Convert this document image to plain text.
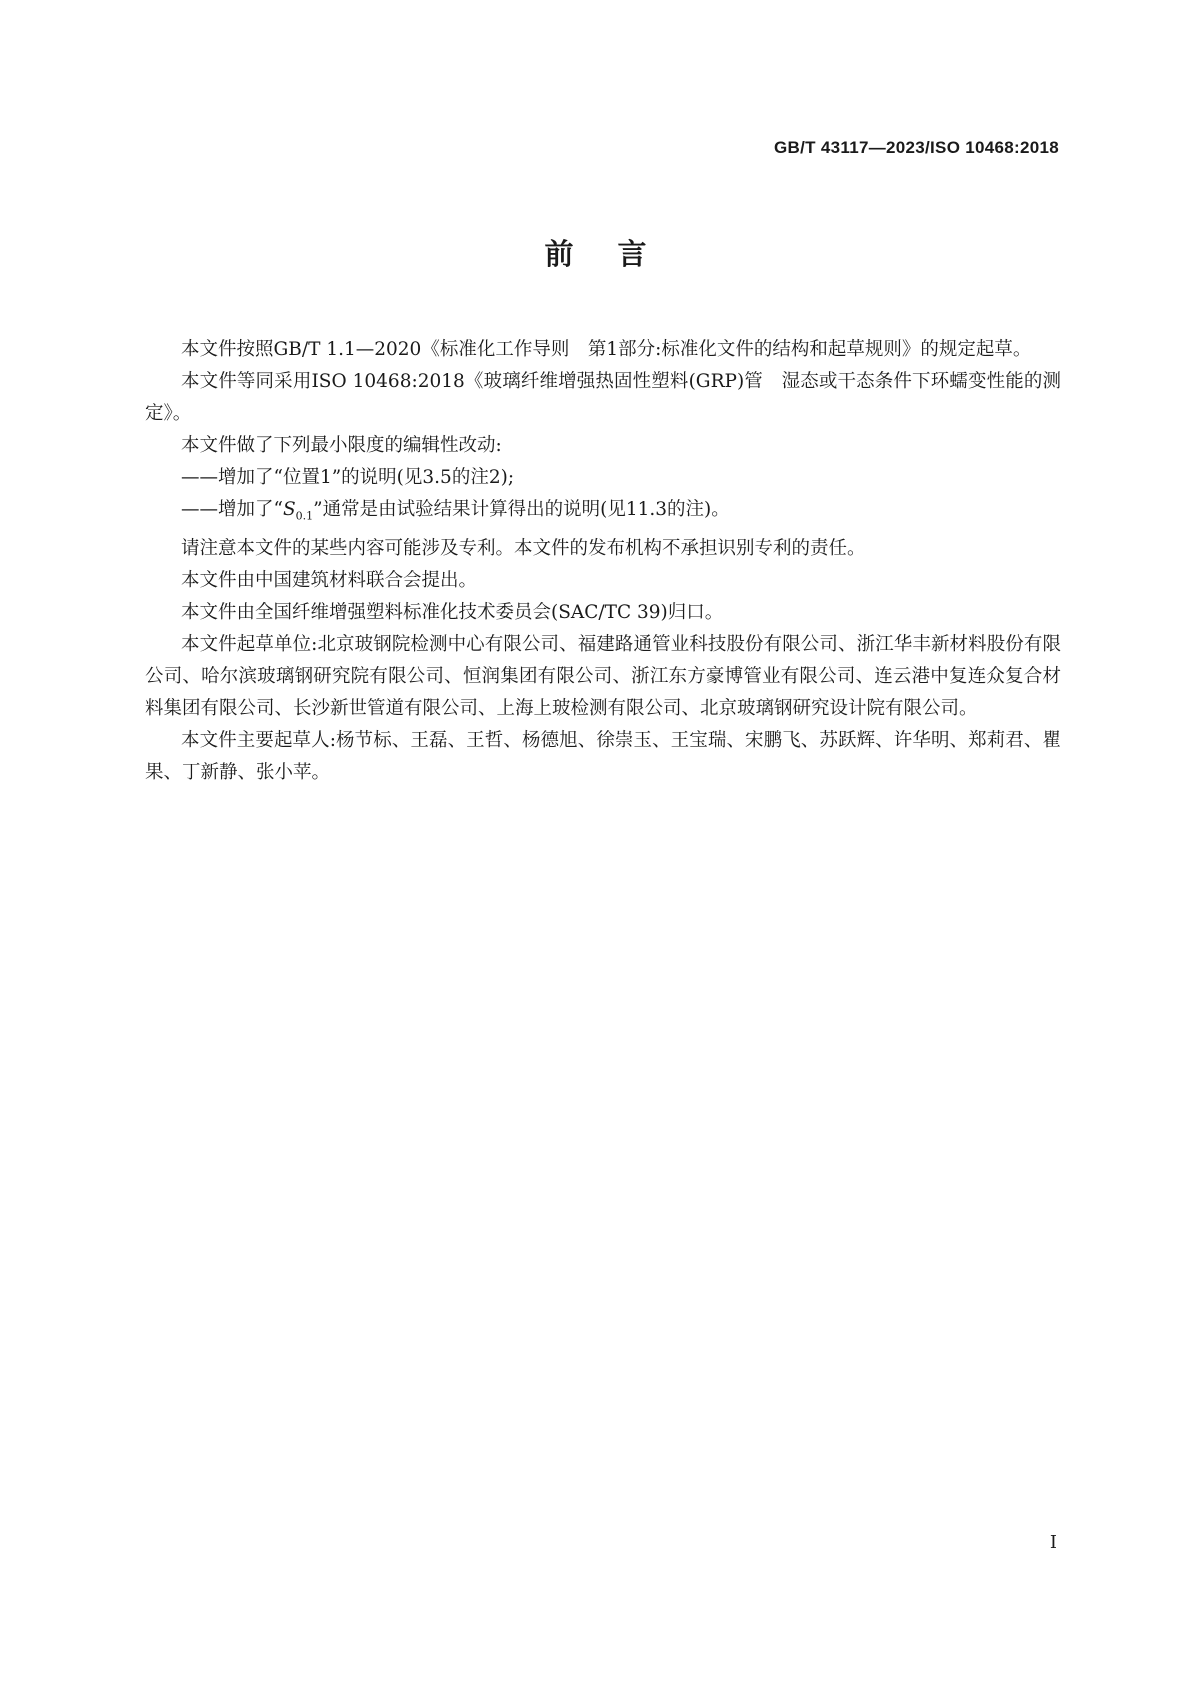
GB/T 43117—2023/ISO 10468:2018
前言

本文件按照GB/T 1.1—2020《标准化工作导则　第1部分:标准化文件的结构和起草规则》的规定起草。

本文件等同采用ISO 10468:2018《玻璃纤维增强热固性塑料(GRP)管　湿态或干态条件下环蠕变性能的测定》。

本文件做了下列最小限度的编辑性改动:

——增加了“位置1”的说明(见3.5的注2);

——增加了“$S_{0.1}$”通常是由试验结果计算得出的说明(见11.3的注)。

请注意本文件的某些内容可能涉及专利。本文件的发布机构不承担识别专利的责任。

本文件由中国建筑材料联合会提出。

本文件由全国纤维增强塑料标准化技术委员会(SAC/TC 39)归口。

本文件起草单位:北京玻钢院检测中心有限公司、福建路通管业科技股份有限公司、浙江华丰新材料股份有限公司、哈尔滨玻璃钢研究院有限公司、恒润集团有限公司、浙江东方豪博管业有限公司、连云港中复连众复合材料集团有限公司、长沙新世管道有限公司、上海上玻检测有限公司、北京玻璃钢研究设计院有限公司。

本文件主要起草人:杨节标、王磊、王哲、杨德旭、徐崇玉、王宝瑞、宋鹏飞、苏跃辉、许华明、郑莉君、瞿果、丁新静、张小苹。

I
